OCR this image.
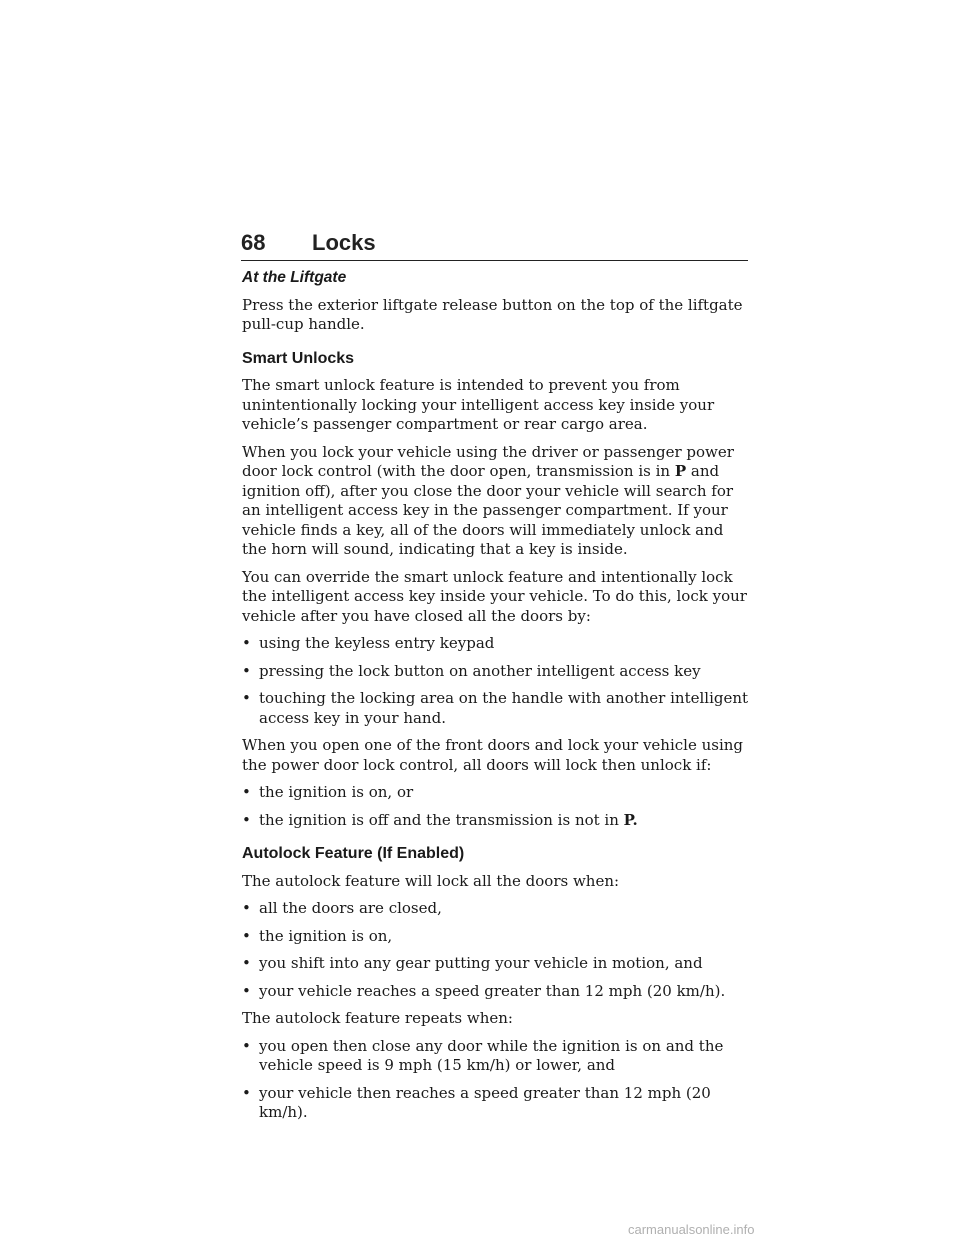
68 Locks
At the Liftgate

Press the exterior liftgate release button on the top of the liftgate pull-cup handle.

Smart Unlocks

The smart unlock feature is intended to prevent you from unintentionally locking your intelligent access key inside your vehicle’s passenger compartment or rear cargo area.

When you lock your vehicle using the driver or passenger power door lock control (with the door open, transmission is in P and ignition off), after you close the door your vehicle will search for an intelligent access key in the passenger compartment. If your vehicle finds a key, all of the doors will immediately unlock and the horn will sound, indicating that a key is inside.

You can override the smart unlock feature and intentionally lock the intelligent access key inside your vehicle. To do this, lock your vehicle after you have closed all the doors by:

• using the keyless entry keypad
• pressing the lock button on another intelligent access key
• touching the locking area on the handle with another intelligent access key in your hand.

When you open one of the front doors and lock your vehicle using the power door lock control, all doors will lock then unlock if:

• the ignition is on, or
• the ignition is off and the transmission is not in P.
Autolock Feature (If Enabled)

The autolock feature will lock all the doors when:

• all the doors are closed,
• the ignition is on,
• you shift into any gear putting your vehicle in motion, and
• your vehicle reaches a speed greater than 12 mph (20 km/h).

The autolock feature repeats when:

• you open then close any door while the ignition is on and the vehicle speed is 9 mph (15 km/h) or lower, and
• your vehicle then reaches a speed greater than 12 mph (20 km/h).
carmanualsonline.info
